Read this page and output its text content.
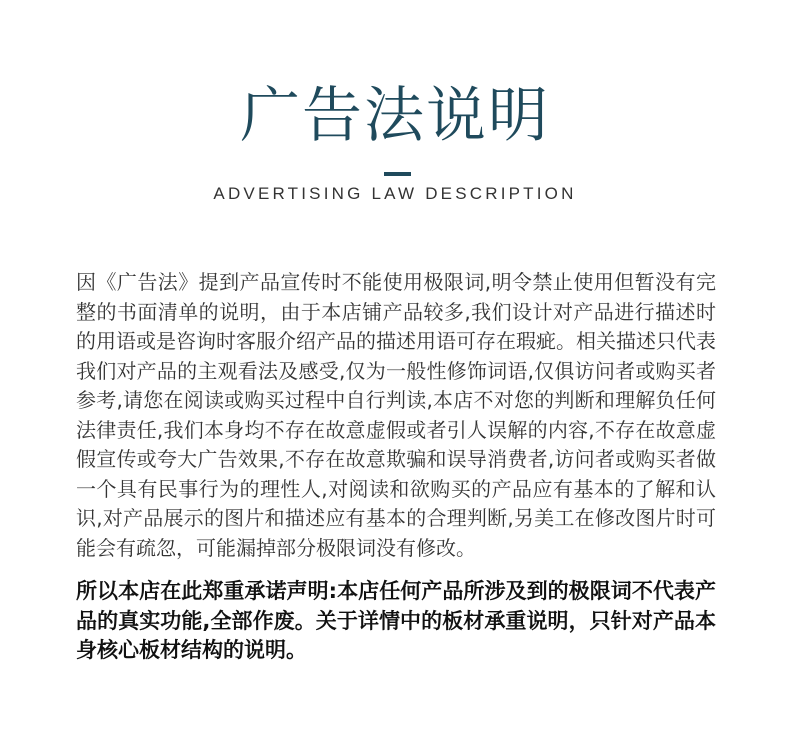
广告法说明

ADVERTISING LAW DESCRIPTION

因《广告法》提到产品宣传时不能使用极限词,明令禁止使用但暂没有完整的书面清单的说明，由于本店铺产品较多,我们设计对产品进行描述时的用语或是咨询时客服介绍产品的描述用语可存在瑕疵。相关描述只代表我们对产品的主观看法及感受,仅为一般性修饰词语,仅俱访问者或购买者参考,请您在阅读或购买过程中自行判读,本店不对您的判断和理解负任何法律责任,我们本身均不存在故意虚假或者引人误解的内容,不存在故意虚假宣传或夸大广告效果,不存在故意欺骗和误导消费者,访问者或购买者做一个具有民事行为的理性人,对阅读和欲购买的产品应有基本的了解和认识,对产品展示的图片和描述应有基本的合理判断,另美工在修改图片时可能会有疏忽，可能漏掉部分极限词没有修改。

所以本店在此郑重承诺声明:本店任何产品所涉及到的极限词不代表产品的真实功能,全部作废。关于详情中的板材承重说明，只针对产品本身核心板材结构的说明。
